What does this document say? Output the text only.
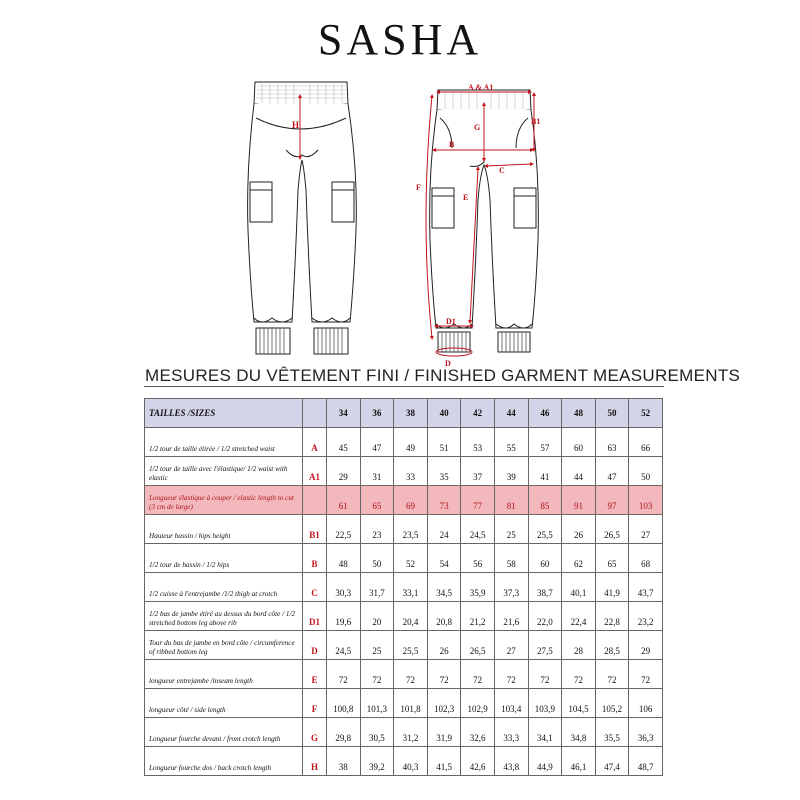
SASHA
H
A & A1
B1
G
B
C
F
E
D1
D
MESURES DU VÊTEMENT FINI / FINISHED GARMENT MEASUREMENTS
TAILLES /SIZES		34	36	38	40	42	44	46	48	50	52
1/2 tour de taille étirée / 1/2 stretched waist	A	45	47	49	51	53	55	57	60	63	66
1/2 tour de taille avec l'élastique/ 1/2 waist with elastic	A1	29	31	33	35	37	39	41	44	47	50
Longueur élastique à couper / elastic length to cut (3 cm de large)		61	65	69	73	77	81	85	91	97	103
Hauteur bassin / hips height	B1	22,5	23	23,5	24	24,5	25	25,5	26	26,5	27
1/2 tour de bassin / 1/2 hips	B	48	50	52	54	56	58	60	62	65	68
1/2 cuisse à l'entrejambe /1/2 thigh at crotch	C	30,3	31,7	33,1	34,5	35,9	37,3	38,7	40,1	41,9	43,7
1/2 bas de jambe étiré au dessus du bord côte / 1/2 stretched bottom leg above rib	D1	19,6	20	20,4	20,8	21,2	21,6	22,0	22,4	22,8	23,2
Tour du bas de jambe en bord côte / circumference of ribbed bottom leg	D	24,5	25	25,5	26	26,5	27	27,5	28	28,5	29
longueur entrejambe /inseam length	E	72	72	72	72	72	72	72	72	72	72
longueur côté / side length	F	100,8	101,3	101,8	102,3	102,9	103,4	103,9	104,5	105,2	106
Longueur fourche devant / front crotch length	G	29,8	30,5	31,2	31,9	32,6	33,3	34,1	34,8	35,5	36,3
Longueur fourche dos / back crotch length	H	38	39,2	40,3	41,5	42,6	43,8	44,9	46,1	47,4	48,7
